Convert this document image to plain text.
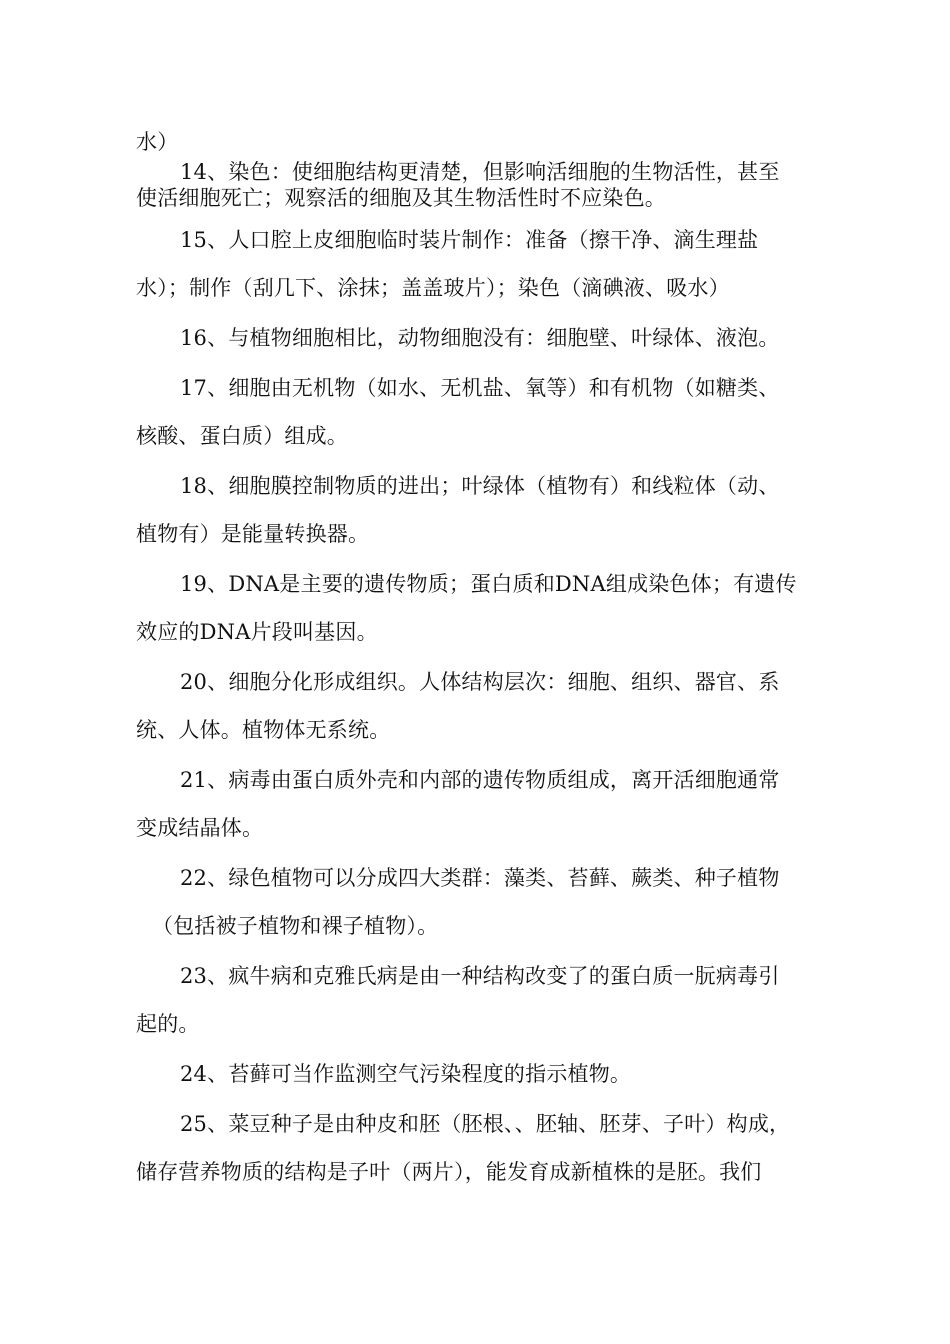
水）
14、染色：使细胞结构更清楚，但影响活细胞的生物活性，甚至
使活细胞死亡；观察活的细胞及其生物活性时不应染色。
15、人口腔上皮细胞临时装片制作：准备（擦干净、滴生理盐
水）；制作（刮几下、涂抹；盖盖玻片）；染色（滴碘液、吸水）
16、与植物细胞相比，动物细胞没有：细胞壁、叶绿体、液泡。
17、细胞由无机物（如水、无机盐、氧等）和有机物（如糖类、
核酸、蛋白质）组成。
18、细胞膜控制物质的进出；叶绿体（植物有）和线粒体（动、
植物有）是能量转换器。
19、DNA是主要的遗传物质；蛋白质和DNA组成染色体；有遗传
效应的DNA片段叫基因。
20、细胞分化形成组织。人体结构层次：细胞、组织、器官、系
统、人体。植物体无系统。
21、病毒由蛋白质外壳和内部的遗传物质组成，离开活细胞通常
变成结晶体。
22、绿色植物可以分成四大类群：藻类、苔藓、蕨类、种子植物
（包括被子植物和裸子植物）。
23、疯牛病和克雅氏病是由一种结构改变了的蛋白质一朊病毒引
起的。
24、苔藓可当作监测空气污染程度的指示植物。
25、菜豆种子是由种皮和胚（胚根、、胚轴、胚芽、子叶）构成，
储存营养物质的结构是子叶（两片），能发育成新植株的是胚。我们
